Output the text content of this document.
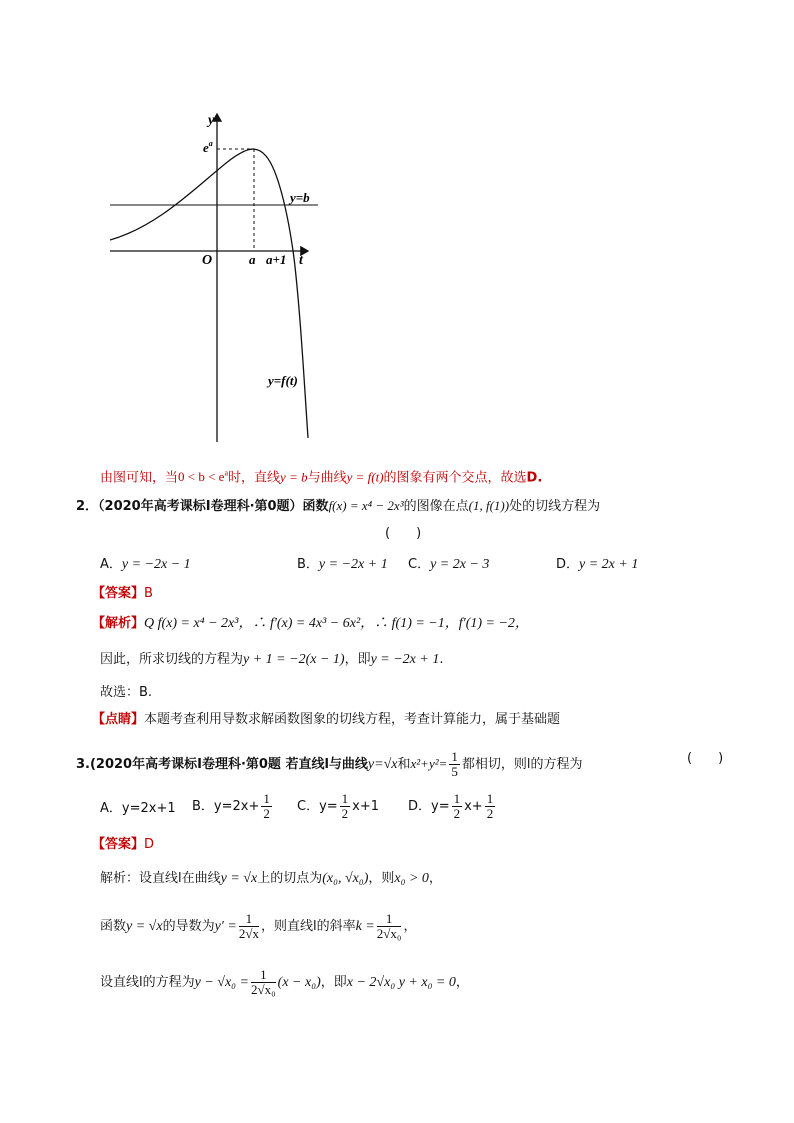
y
$e^a$
y=b
O	a a+1 t
y=f(t)
由图可知，当$0 < b < e^a$时，直线y = b与曲线y = f(t)的图象有两个交点，故选D.
2．（2020年高考课标Ⅰ卷理科·第0题）函数f(x) = x⁴ − 2x³的图像在点(1, f(1))处的切线方程为
(　　)
A．y = −2x − 1	B．y = −2x + 1 C．y = 2x − 3	D．y = 2x + 1
【答案】B
【解析】Q f(x) = x⁴ − 2x³，∴ f′(x) = 4x³ − 6x²，∴ f(1) = −1，f′(1) = −2，
因此，所求切线的方程为y + 1 = −2(x − 1)，即y = −2x + 1.
故选：B.
【点睛】本题考查利用导数求解函数图象的切线方程，考查计算能力，属于基础题
3.(2020年高考课标Ⅰ卷理科·第0题 若直线l与曲线y=√x和$x^2+y^2= \frac{1}{5}$ 都相切，则l的方程为	(　　)
A．y=2x+1 B．$y=2x+ \frac{1}{2}$ C．$y= \frac{1}{2} x+1$ D．$y= \frac{1}{2} x+ \frac{1}{2}$
【答案】D
解析：设直线l在曲线y = √x上的切点为(x₀, √x₀)，则x₀ > 0，
函数y = √x的导数为$y' = \frac{1}{2√x}$ ，则直线l的斜率$k = \frac{1}{\text{2√x₀}}$ ，
设直线l的方程为$y - √x_0 = \frac{1}{\text{2√x₀}} (x - x_0)$，即x − 2√x₀ y + x₀ = 0，
